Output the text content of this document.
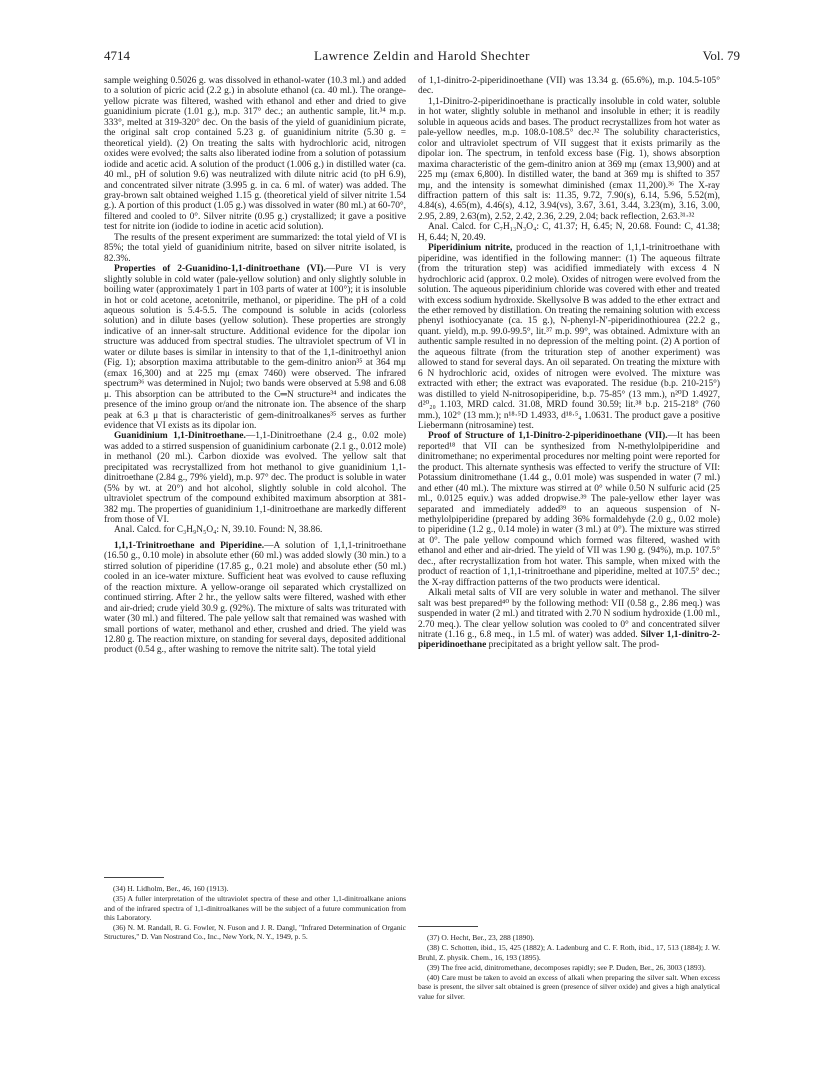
4714	Lawrence Zeldin and Harold Shechter	Vol. 79

sample weighing 0.5026 g. was dissolved in ethanol-water (10.3 ml.) and added to a solution of picric acid (2.2 g.) in absolute ethanol (ca. 40 ml.). The orange-yellow picrate was filtered, washed with ethanol and ether and dried to give guanidinium picrate (1.01 g.), m.p. 317° dec.; an authentic sample, lit.³⁴ m.p. 333°, melted at 319-320° dec. On the basis of the yield of guanidinium picrate, the original salt crop contained 5.23 g. of guanidinium nitrite (5.30 g. = theoretical yield). (2) On treating the salts with hydrochloric acid, nitrogen oxides were evolved; the salts also liberated iodine from a solution of potassium iodide and acetic acid. A solution of the product (1.006 g.) in distilled water (ca. 40 ml., pH of solution 9.6) was neutralized with dilute nitric acid (to pH 6.9), and concentrated silver nitrate (3.995 g. in ca. 6 ml. of water) was added. The gray-brown salt obtained weighed 1.15 g. (theoretical yield of silver nitrite 1.54 g.). A portion of this product (1.05 g.) was dissolved in water (80 ml.) at 60-70°, filtered and cooled to 0°. Silver nitrite (0.95 g.) crystallized; it gave a positive test for nitrite ion (iodide to iodine in acetic acid solution).

The results of the present experiment are summarized: the total yield of VI is 85%; the total yield of guanidinium nitrite, based on silver nitrite isolated, is 82.3%.

Properties of 2-Guanidino-1,1-dinitroethane (VI).—Pure VI is very slightly soluble in cold water (pale-yellow solution) and only slightly soluble in boiling water (approximately 1 part in 103 parts of water at 100°); it is insoluble in hot or cold acetone, acetonitrile, methanol, or piperidine. The pH of a cold aqueous solution is 5.4-5.5. The compound is soluble in acids (colorless solution) and in dilute bases (yellow solution). These properties are strongly indicative of an inner-salt structure. Additional evidence for the dipolar ion structure was adduced from spectral studies. The ultraviolet spectrum of VI in water or dilute bases is similar in intensity to that of the 1,1-dinitroethyl anion (Fig. 1); absorption maxima attributable to the gem-dinitro anion³⁵ at 364 mμ (εmax 16,300) and at 225 mμ (εmax 7460) were observed. The infrared spectrum³⁶ was determined in Nujol; two bands were observed at 5.98 and 6.08 μ. This absorption can be attributed to the C═N structure³⁴ and indicates the presence of the imino group or/and the nitronate ion. The absence of the sharp peak at 6.3 μ that is characteristic of gem-dinitroalkanes³⁵ serves as further evidence that VI exists as its dipolar ion.

Guanidinium 1,1-Dinitroethane.—1,1-Dinitroethane (2.4 g., 0.02 mole) was added to a stirred suspension of guanidinium carbonate (2.1 g., 0.012 mole) in methanol (20 ml.). Carbon dioxide was evolved. The yellow salt that precipitated was recrystallized from hot methanol to give guanidinium 1,1-dinitroethane (2.84 g., 79% yield), m.p. 97° dec. The product is soluble in water (5% by wt. at 20°) and hot alcohol, slightly soluble in cold alcohol. The ultraviolet spectrum of the compound exhibited maximum absorption at 381-382 mμ. The properties of guanidinium 1,1-dinitroethane are markedly different from those of VI.

Anal. Calcd. for C₃H₉N₅O₄: N, 39.10. Found: N, 38.86.

1,1,1-Trinitroethane and Piperidine.—A solution of 1,1,1-trinitroethane (16.50 g., 0.10 mole) in absolute ether (60 ml.) was added slowly (30 min.) to a stirred solution of piperidine (17.85 g., 0.21 mole) and absolute ether (50 ml.) cooled in an ice-water mixture. Sufficient heat was evolved to cause refluxing of the reaction mixture. A yellow-orange oil separated which crystallized on continued stirring. After 2 hr., the yellow salts were filtered, washed with ether and air-dried; crude yield 30.9 g. (92%). The mixture of salts was triturated with water (30 ml.) and filtered. The pale yellow salt that remained was washed with small portions of water, methanol and ether, crushed and dried. The yield was 12.80 g. The reaction mixture, on standing for several days, deposited additional product (0.54 g., after washing to remove the nitrite salt). The total yield

of 1,1-dinitro-2-piperidinoethane (VII) was 13.34 g. (65.6%), m.p. 104.5-105° dec.

1,1-Dinitro-2-piperidinoethane is practically insoluble in cold water, soluble in hot water, slightly soluble in methanol and insoluble in ether; it is readily soluble in aqueous acids and bases. The product recrystallizes from hot water as pale-yellow needles, m.p. 108.0-108.5° dec.³² The solubility characteristics, color and ultraviolet spectrum of VII suggest that it exists primarily as the dipolar ion. The spectrum, in tenfold excess base (Fig. 1), shows absorption maxima characteristic of the gem-dinitro anion at 369 mμ (εmax 13,900) and at 225 mμ (εmax 6,800). In distilled water, the band at 369 mμ is shifted to 357 mμ, and the intensity is somewhat diminished (εmax 11,200).³⁶ The X-ray diffraction pattern of this salt is: 11.35, 9.72, 7.90(s), 6.14, 5.96, 5.52(m), 4.84(s), 4.65(m), 4.46(s), 4.12, 3.94(vs), 3.67, 3.61, 3.44, 3.23(m), 3.16, 3.00, 2.95, 2.89, 2.63(m), 2.52, 2.42, 2.36, 2.29, 2.04; back reflection, 2.63.³¹·³²

Anal. Calcd. for C₇H₁₃N₃O₄: C, 41.37; H, 6.45; N, 20.68. Found: C, 41.38; H, 6.44; N, 20.49.

Piperidinium nitrite, produced in the reaction of 1,1,1-trinitroethane with piperidine, was identified in the following manner: (1) The aqueous filtrate (from the trituration step) was acidified immediately with excess 4 N hydrochloric acid (approx. 0.2 mole). Oxides of nitrogen were evolved from the solution. The aqueous piperidinium chloride was covered with ether and treated with excess sodium hydroxide. Skellysolve B was added to the ether extract and the ether removed by distillation. On treating the remaining solution with excess phenyl isothiocyanate (ca. 15 g.), N-phenyl-N′-piperidinothiourea (22.2 g., quant. yield), m.p. 99.0-99.5°, lit.³⁷ m.p. 99°, was obtained. Admixture with an authentic sample resulted in no depression of the melting point. (2) A portion of the aqueous filtrate (from the trituration step of another experiment) was allowed to stand for several days. An oil separated. On treating the mixture with 6 N hydrochloric acid, oxides of nitrogen were evolved. The mixture was extracted with ether; the extract was evaporated. The residue (b.p. 210-215°) was distilled to yield N-nitrosopiperidine, b.p. 75-85° (13 mm.), n²⁰D 1.4927, d²⁰₂₀ 1.103, MRD calcd. 31.08, MRD found 30.59; lit.³⁸ b.p. 215-218° (760 mm.), 102° (13 mm.); n¹⁸·⁵D 1.4933, d¹⁸·⁵₄ 1.0631. The product gave a positive Liebermann (nitrosamine) test.

Proof of Structure of 1,1-Dinitro-2-piperidinoethane (VII).—It has been reported¹⁸ that VII can be synthesized from N-methylolpiperidine and dinitromethane; no experimental procedures nor melting point were reported for the product. This alternate synthesis was effected to verify the structure of VII: Potassium dinitromethane (1.44 g., 0.01 mole) was suspended in water (7 ml.) and ether (40 ml.). The mixture was stirred at 0° while 0.50 N sulfuric acid (25 ml., 0.0125 equiv.) was added dropwise.³⁹ The pale-yellow ether layer was separated and immediately added³⁹ to an aqueous suspension of N-methylolpiperidine (prepared by adding 36% formaldehyde (2.0 g., 0.02 mole) to piperidine (1.2 g., 0.14 mole) in water (3 ml.) at 0°). The mixture was stirred at 0°. The pale yellow compound which formed was filtered, washed with ethanol and ether and air-dried. The yield of VII was 1.90 g. (94%), m.p. 107.5° dec., after recrystallization from hot water. This sample, when mixed with the product of reaction of 1,1,1-trinitroethane and piperidine, melted at 107.5° dec.; the X-ray diffraction patterns of the two products were identical.

Alkali metal salts of VII are very soluble in water and methanol. The silver salt was best prepared⁴⁰ by the following method: VII (0.58 g., 2.86 meq.) was suspended in water (2 ml.) and titrated with 2.70 N sodium hydroxide (1.00 ml., 2.70 meq.). The clear yellow solution was cooled to 0° and concentrated silver nitrate (1.16 g., 6.8 meq., in 1.5 ml. of water) was added. Silver 1,1-dinitro-2-piperidinoethane precipitated as a bright yellow salt. The prod-

(34) H. Lidholm, Ber., 46, 160 (1913).

(35) A fuller interpretation of the ultraviolet spectra of these and other 1,1-dinitroalkane anions and of the infrared spectra of 1,1-dinitroalkanes will be the subject of a future communication from this Laboratory.

(36) N. M. Randall, R. G. Fowler, N. Fuson and J. R. Dangl, "Infrared Determination of Organic Structures," D. Van Nostrand Co., Inc., New York, N. Y., 1949, p. 5.	(37) O. Hecht, Ber., 23, 288 (1890).

(38) C. Schotten, ibid., 15, 425 (1882); A. Ladenburg and C. F. Roth, ibid., 17, 513 (1884); J. W. Bruhl, Z. physik. Chem., 16, 193 (1895).

(39) The free acid, dinitromethane, decomposes rapidly; see P. Duden, Ber., 26, 3003 (1893).

(40) Care must be taken to avoid an excess of alkali when preparing the silver salt. When excess base is present, the silver salt obtained is green (presence of silver oxide) and gives a high analytical value for silver.
